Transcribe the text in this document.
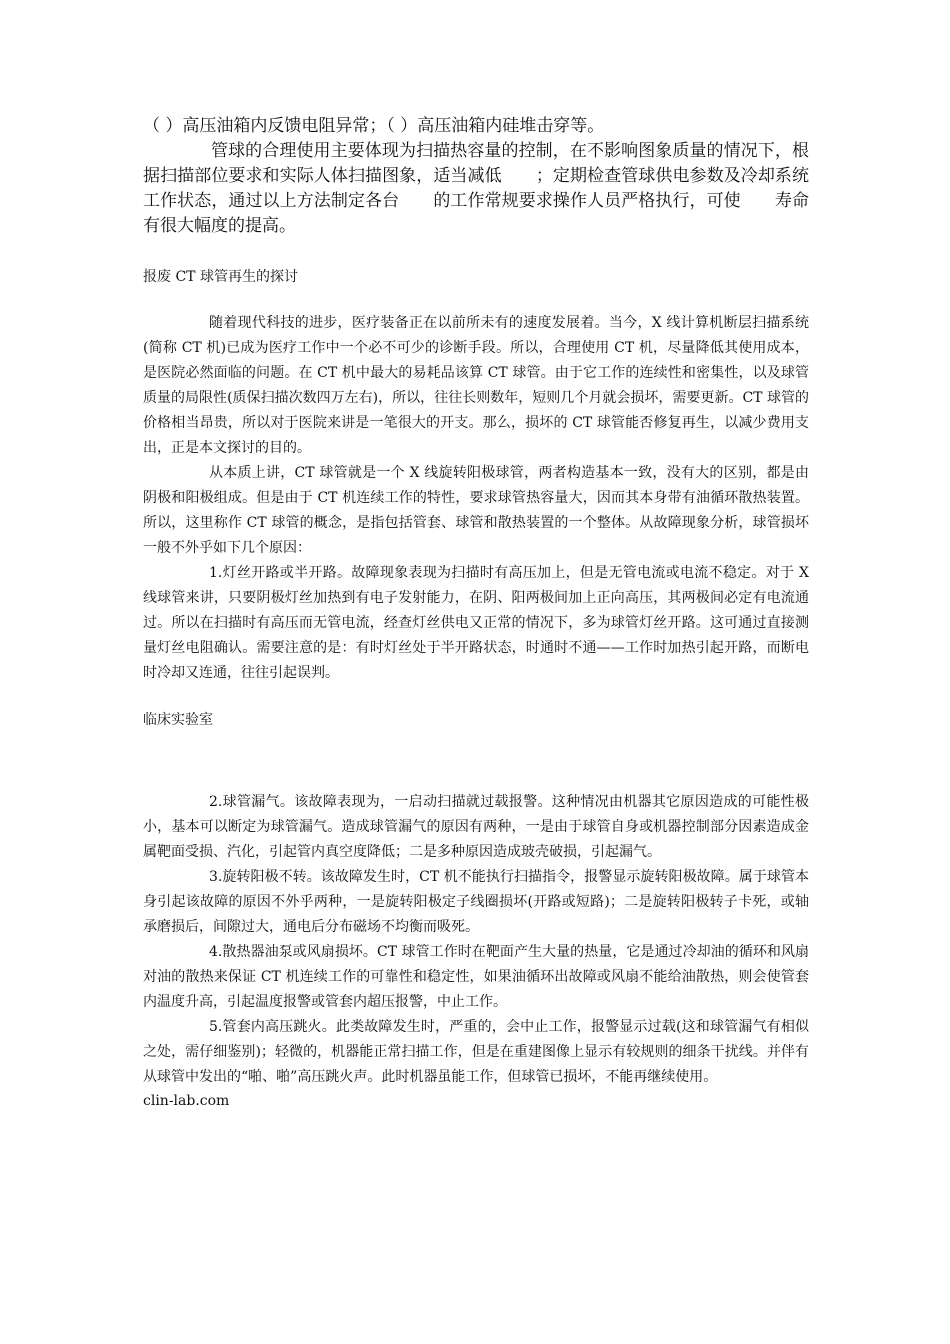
（ ）高压油箱内反馈电阻异常；（ ）高压油箱内硅堆击穿等。

管球的合理使用主要体现为扫描热容量的控制，在不影响图象质量的情况下，根据扫描部位要求和实际人体扫描图象，适当减低　　；定期检查管球供电参数及冷却系统工作状态，通过以上方法制定各台　　的工作常规要求操作人员严格执行，可使　　寿命有很大幅度的提高。

报废 CT 球管再生的探讨

随着现代科技的进步，医疗装备正在以前所未有的速度发展着。当今，X 线计算机断层扫描系统(简称 CT 机)已成为医疗工作中一个必不可少的诊断手段。所以，合理使用 CT 机，尽量降低其使用成本，是医院必然面临的问题。在 CT 机中最大的易耗品该算 CT 球管。由于它工作的连续性和密集性，以及球管质量的局限性(质保扫描次数四万左右)，所以，往往长则数年，短则几个月就会损坏，需要更新。CT 球管的价格相当昂贵，所以对于医院来讲是一笔很大的开支。那么，损坏的 CT 球管能否修复再生，以减少费用支出，正是本文探讨的目的。

从本质上讲，CT 球管就是一个 X 线旋转阳极球管，两者构造基本一致，没有大的区别，都是由阴极和阳极组成。但是由于 CT 机连续工作的特性，要求球管热容量大，因而其本身带有油循环散热装置。所以，这里称作 CT 球管的概念，是指包括管套、球管和散热装置的一个整体。从故障现象分析，球管损坏一般不外乎如下几个原因：

1.灯丝开路或半开路。故障现象表现为扫描时有高压加上，但是无管电流或电流不稳定。对于 X 线球管来讲，只要阴极灯丝加热到有电子发射能力，在阴、阳两极间加上正向高压，其两极间必定有电流通过。所以在扫描时有高压而无管电流，经查灯丝供电又正常的情况下，多为球管灯丝开路。这可通过直接测量灯丝电阻确认。需要注意的是：有时灯丝处于半开路状态，时通时不通——工作时加热引起开路，而断电时冷却又连通，往往引起误判。

临床实验室

2.球管漏气。该故障表现为，一启动扫描就过载报警。这种情况由机器其它原因造成的可能性极小，基本可以断定为球管漏气。造成球管漏气的原因有两种，一是由于球管自身或机器控制部分因素造成金属靶面受损、汽化，引起管内真空度降低；二是多种原因造成玻壳破损，引起漏气。

3.旋转阳极不转。该故障发生时，CT 机不能执行扫描指令，报警显示旋转阳极故障。属于球管本身引起该故障的原因不外乎两种，一是旋转阳极定子线圈损坏(开路或短路)；二是旋转阳极转子卡死，或轴承磨损后，间隙过大，通电后分布磁场不均衡而吸死。

4.散热器油泵或风扇损坏。CT 球管工作时在靶面产生大量的热量，它是通过冷却油的循环和风扇对油的散热来保证 CT 机连续工作的可靠性和稳定性，如果油循环出故障或风扇不能给油散热，则会使管套内温度升高，引起温度报警或管套内超压报警，中止工作。

5.管套内高压跳火。此类故障发生时，严重的，会中止工作，报警显示过载(这和球管漏气有相似之处，需仔细鉴别)；轻微的，机器能正常扫描工作，但是在重建图像上显示有较规则的细条干扰线。并伴有从球管中发出的“啪、啪”高压跳火声。此时机器虽能工作，但球管已损坏，不能再继续使用。

clin-lab.com
